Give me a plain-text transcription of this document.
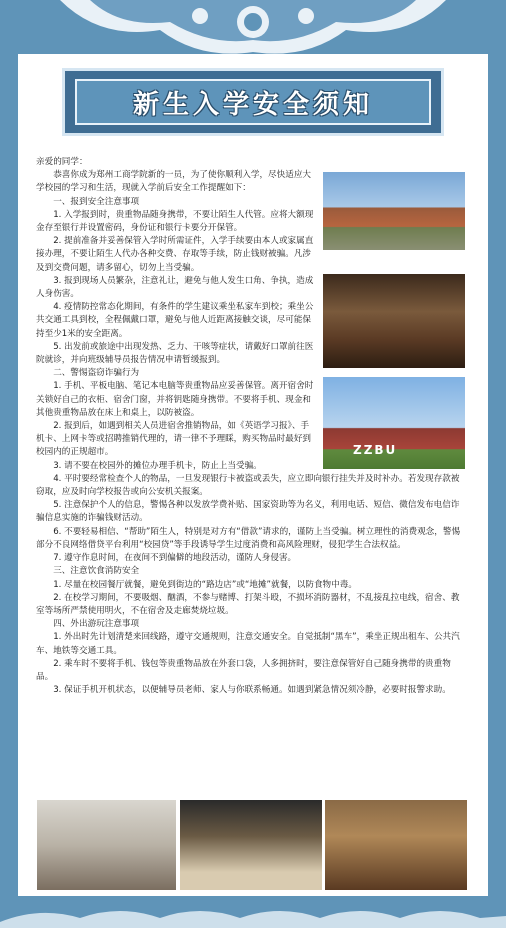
新生入学安全须知
ZZBU

亲爱的同学：

恭喜你成为郑州工商学院新的一员，为了使你顺利入学，尽快适应大学校园的学习和生活，现就入学前后安全工作提醒如下：

一、报到安全注意事项

1. 入学报到时，贵重物品随身携带，不要让陌生人代管。应将大额现金存至银行并设置密码，身份证和银行卡要分开保管。

2. 提前准备并妥善保管入学时所需证件，入学手续要由本人或家属直接办理，不要让陌生人代办各种交费、存取等手续，防止钱财被骗。凡涉及到交费问题，请多留心，切勿上当受骗。

3. 报到现场人员繁杂，注意礼让，避免与他人发生口角、争执，造成人身伤害。

4. 疫情防控常态化期间，有条件的学生建议乘坐私家车到校；乘坐公共交通工具到校，全程佩戴口罩，避免与他人近距离接触交谈，尽可能保持至少1米的安全距离。

5. 出发前或旅途中出现发热、乏力、干咳等症状，请戴好口罩前往医院就诊，并向班级辅导员报告情况申请暂缓报到。

二、警惕盗窃诈骗行为

1. 手机、平板电脑、笔记本电脑等贵重物品应妥善保管。离开宿舍时关锁好自己的衣柜、宿舍门窗，并将钥匙随身携带。不要将手机、现金和其他贵重物品放在床上和桌上，以防被盗。

2. 报到后，如遇到相关人员进宿舍推销物品，如《英语学习报》、手机卡、上网卡等或招聘推销代理的，请一律不予理睬，购买物品时最好到校园内的正规超市。

3. 请不要在校园外的摊位办理手机卡，防止上当受骗。

4. 平时要经常检查个人的物品，一旦发现银行卡被盗或丢失，应立即向银行挂失并及时补办。若发现存款被窃取，应及时向学校报告或向公安机关报案。

5. 注意保护个人的信息，警惕各种以发放学费补贴、国家资助等为名义，利用电话、短信、微信发布电信诈骗信息实施的诈骗钱财活动。

6. 不要轻易相信、“帮助”陌生人，特别是对方有“借款”请求的，谨防上当受骗。树立理性的消费观念，警惕部分不良网络借贷平台利用“校园贷”等手段诱导学生过度消费和高风险理财，侵犯学生合法权益。

7. 遵守作息时间，在夜间不到偏僻的地段活动，谨防人身侵害。

三、注意饮食消防安全

1. 尽量在校园餐厅就餐，避免到街边的“路边店”或“地摊”就餐，以防食物中毒。

2. 在校学习期间，不要吸烟、酗酒，不参与赌博、打架斗殴，不损坏消防器材，不乱接乱拉电线，宿舍、教室等场所严禁使用明火，不在宿舍及走廊焚烧垃圾。

四、外出游玩注意事项

1. 外出时先计划清楚来回线路，遵守交通规则，注意交通安全。自觉抵制“黑车”，乘坐正规出租车、公共汽车、地铁等交通工具。

2. 乘车时不要将手机、钱包等贵重物品放在外套口袋，人多拥挤时，要注意保管好自己随身携带的贵重物品。

3. 保证手机开机状态，以便辅导员老师、家人与你联系畅通。如遇到紧急情况须冷静，必要时报警求助。
